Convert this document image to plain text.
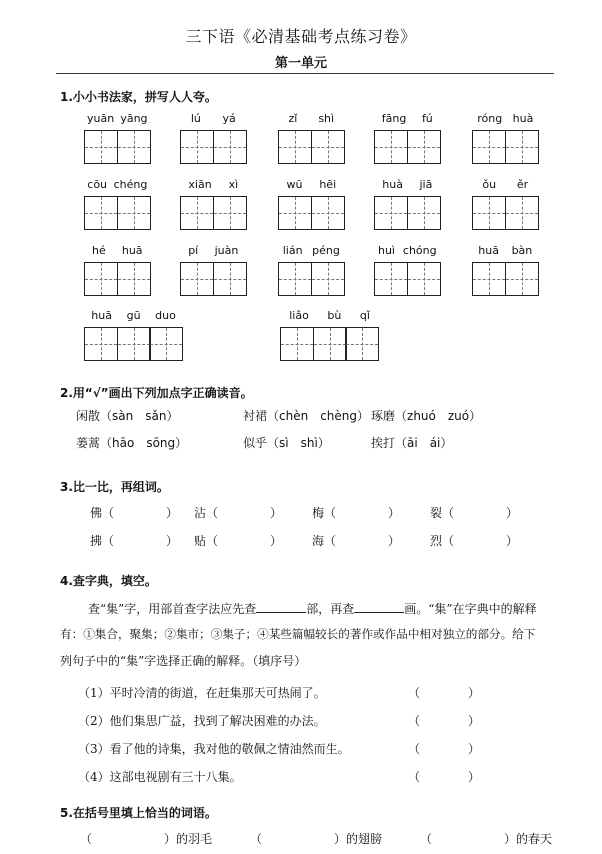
三下语《必清基础考点练习卷》
第一单元
1.小小书法家，拼写人人夸。
yuān yāng	lú yá	zǐ shì	fāng fú	róng huà
cōu chéng	xiān xì	wū hēi	huà jiā	ǒu ěr
hé huā	pí juàn	lián péng	huì chóng	huā bàn
huā gū duo	liǎo bù qǐ
2.用“√”画出下列加点字正确读音。
闲散（sàn　sǎn）	衬裙（chèn　chèng） 琢磨（zhuó　zuó）
蒌蒿（hāo　sōng）	似乎（sì　shì）	挨打（āi　ái）
3.比一比，再组词。
佛（	） 沾（	） 梅（	） 裂（	）
拂（	） 贴（	） 海（	） 烈（	）
4.查字典，填空。
查“集”字，用部首查字法应先查	部，再查	画。“集”在字典中的解释
有：①集合，聚集；②集市；③集子；④某些篇幅较长的著作或作品中相对独立的部分。给下
列句子中的“集”字选择正确的解释。（填序号）
（1）平时冷清的街道，在赶集那天可热闹了。	（	）
（2）他们集思广益，找到了解决困难的办法。	（	）
（3）看了他的诗集，我对他的敬佩之情油然而生。	（	）
（4）这部电视剧有三十八集。	（	）
5.在括号里填上恰当的词语。
（　　　　　　）的羽毛	（　　　　　　）的翅膀	（　　　　　　）的春天
